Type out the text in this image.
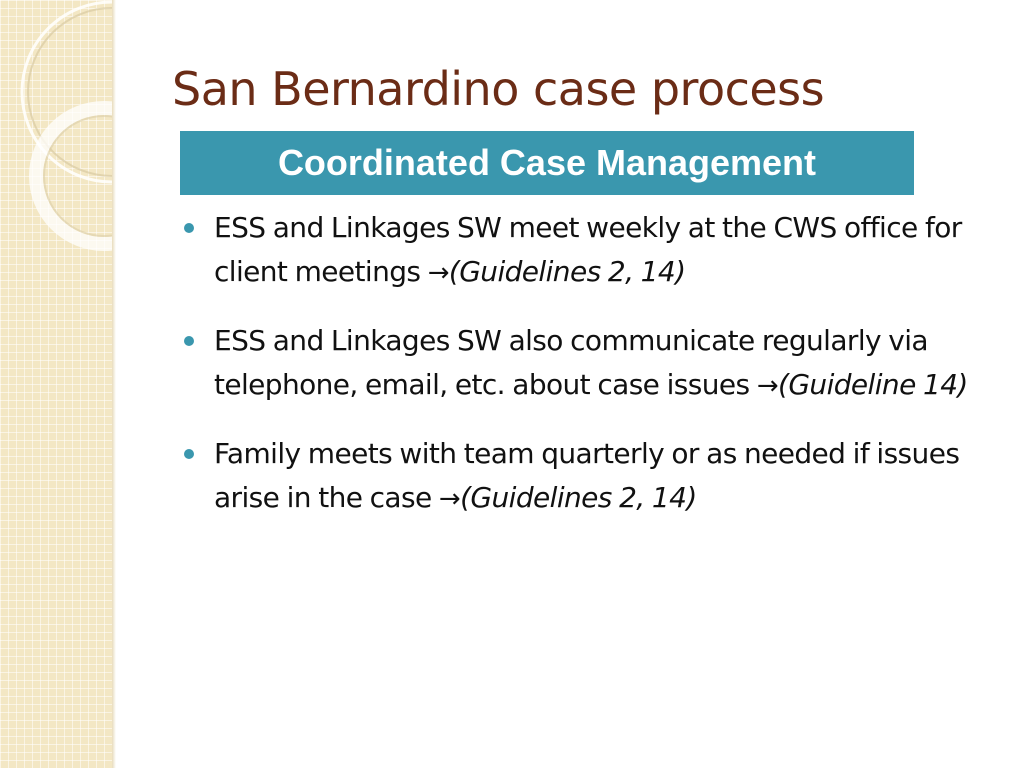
San Bernardino case process
Coordinated Case Management
ESS and Linkages SW meet weekly at the CWS office for client meetings →(Guidelines 2, 14)
ESS and Linkages SW also communicate regularly via telephone, email, etc. about case issues →(Guideline 14)
Family meets with team quarterly or as needed if issues arise in the case →(Guidelines 2, 14)
